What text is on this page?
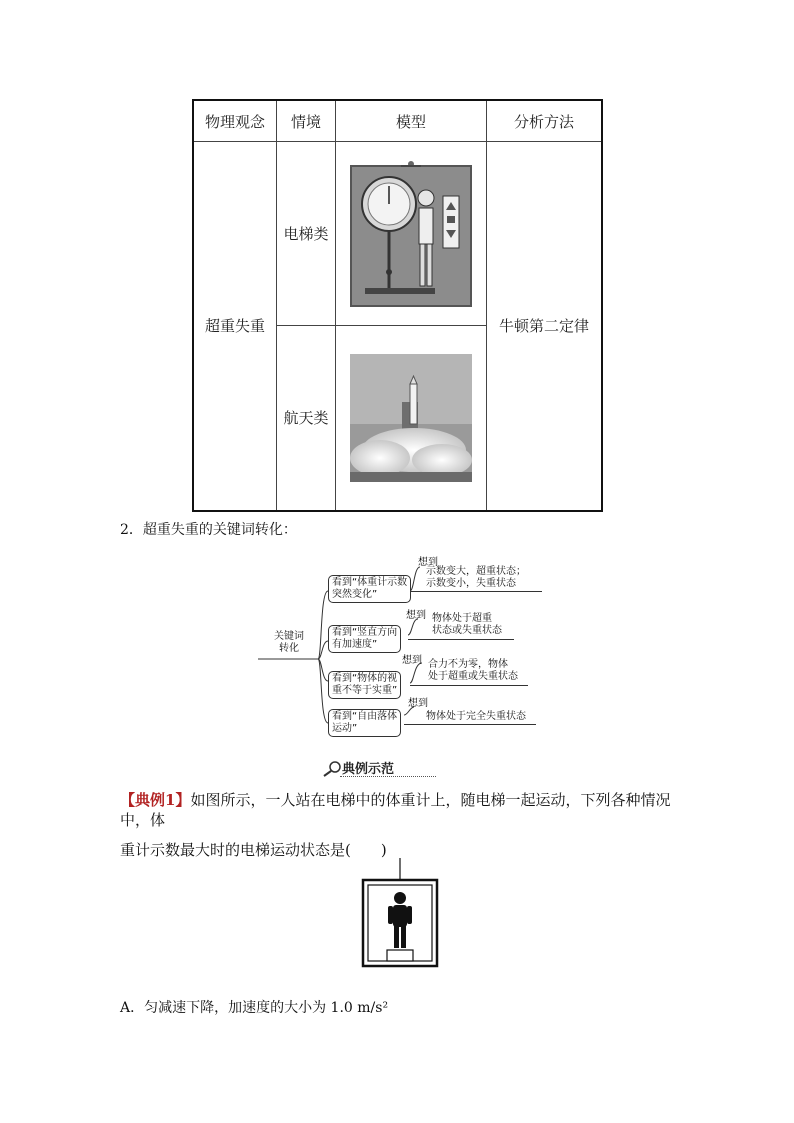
物理观念	情境	模型	分析方法
超重失重	电梯类		牛顿第二定律
	航天类	
2．超重失重的关键词转化：
关键词
转化
看到“体重计示数
突然变化”
想到
示数变大，超重状态；
示数变小，失重状态
看到“竖直方向
有加速度”
想到 物体处于超重
状态或失重状态
看到“物体的视
重不等于实重”
想到 合力不为零，物体
处于超重或失重状态
看到“自由落体
运动”
想到
物体处于完全失重状态
典例示范
【典例1】如图所示，一人站在电梯中的体重计上，随电梯一起运动，下列各种情况中，体
重计示数最大时的电梯运动状态是(　　)
A．匀减速下降，加速度的大小为 1.0 m/s²
